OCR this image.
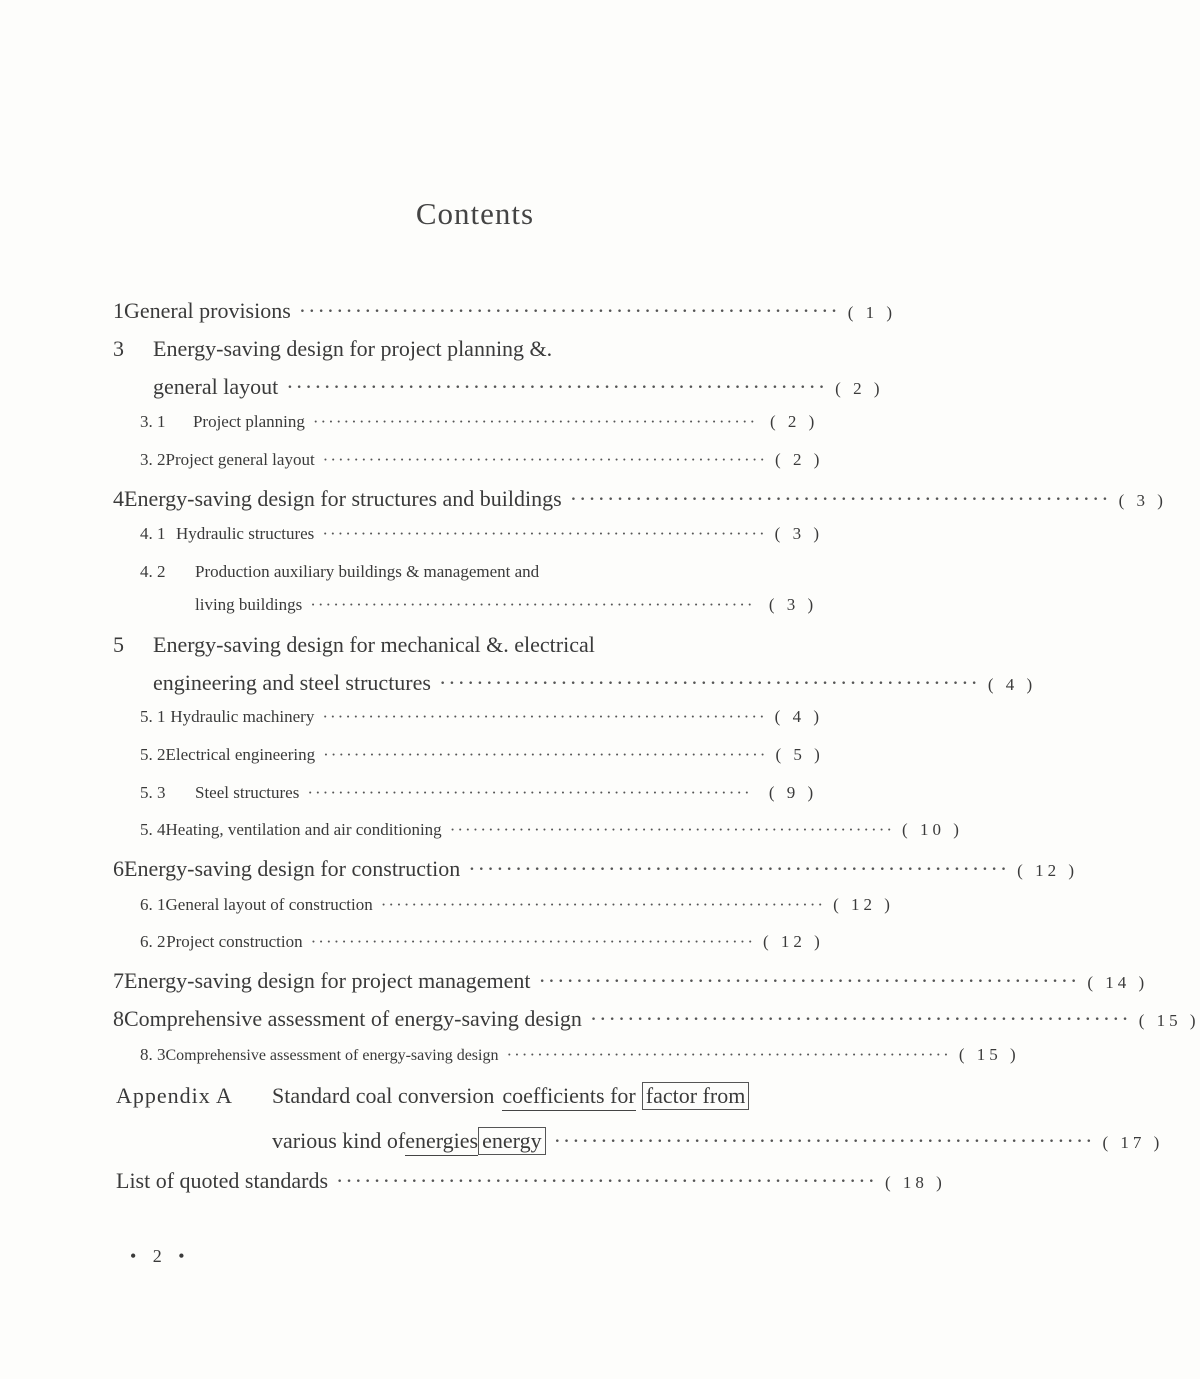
Contents
1 General provisions ·························································· ( 1 )
3	Energy-saving design for project planning &.
general layout ·························································· ( 2 )
3. 1	Project planning ·························································· ( 2 )
3. 2 Project general layout ·························································· ( 2 )
4 Energy-saving design for structures and buildings ·························································· ( 3 )
4. 1 Hydraulic structures ·························································· ( 3 )
4. 2	Production auxiliary buildings & management and
living buildings ·························································· ( 3 )
5	Energy-saving design for mechanical &. electrical
engineering and steel structures ·························································· ( 4 )
5. 1 Hydraulic machinery ·························································· ( 4 )
5. 2 Electrical engineering ·························································· ( 5 )
5. 3	Steel structures ··························································	( 9 )
5. 4 Heating, ventilation and air conditioning ·························································· ( 10 )
6 Energy-saving design for construction ·························································· ( 12 )
6. 1 General layout of construction ·························································· ( 12 )
6. 2 Project construction ·························································· ( 12 )
7 Energy-saving design for project management ·························································· ( 14 )
8 Comprehensive assessment of energy-saving design ·························································· ( 15 )
8. 3 Comprehensive assessment of energy-saving design ·························································· ( 15 )
Appendix A	Standard coal conversion coefficients for factor from
various kind of energies energy ·························································· ( 17 )
List of quoted standards ·························································· ( 18 )
• 2 •
